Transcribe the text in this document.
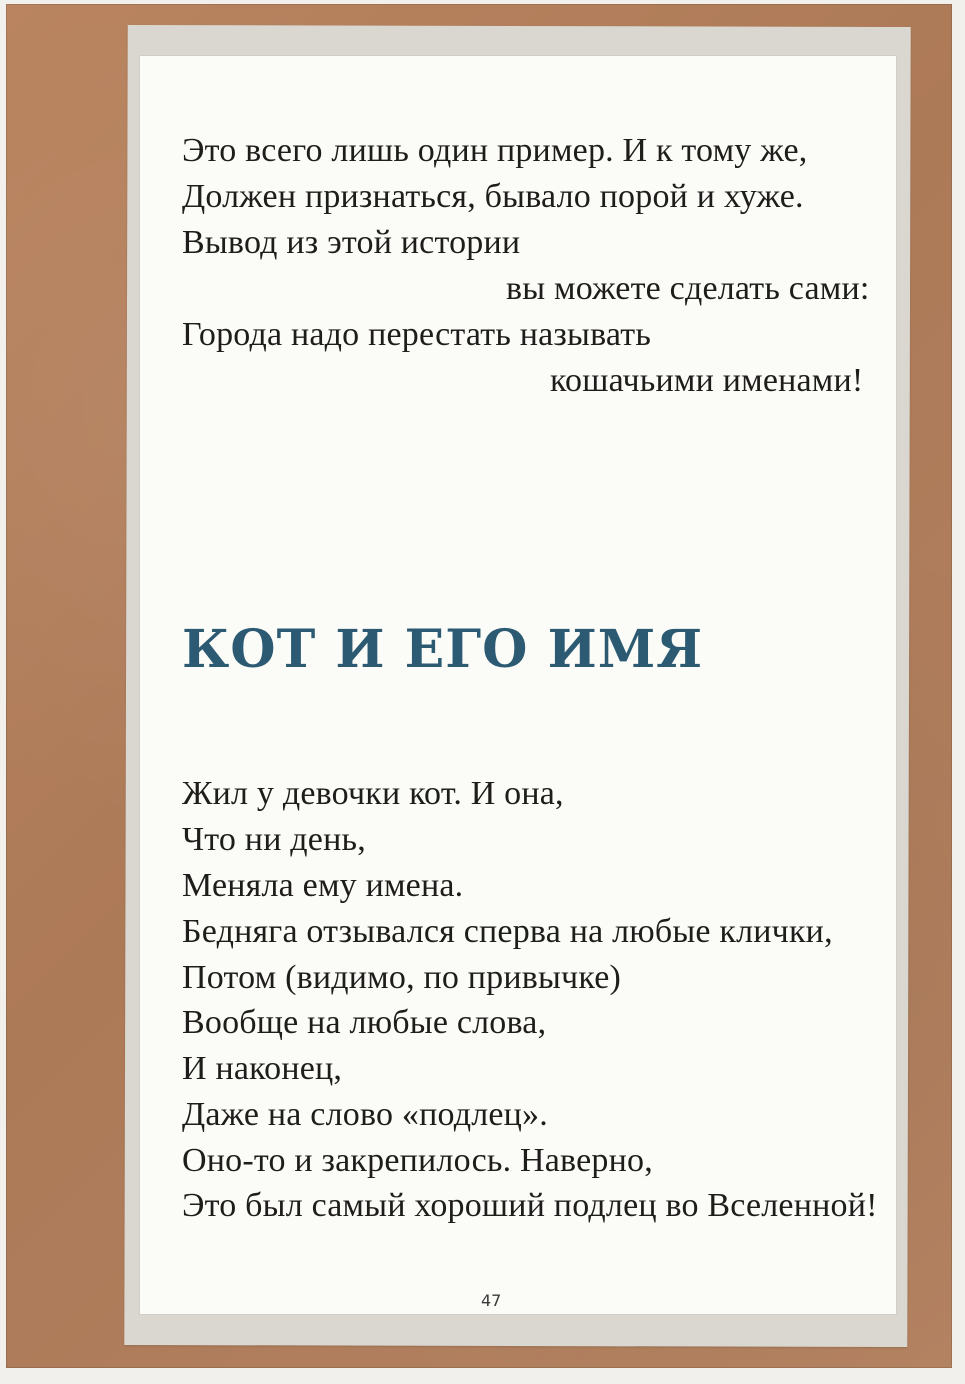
Это всего лишь один пример. И к тому же,
Должен признаться, бывало порой и хуже.
Вывод из этой истории
вы можете сделать сами:
Города надо перестать называть
кошачьими именами!
КОТ И ЕГО ИМЯ
Жил у девочки кот. И она,
Что ни день,
Меняла ему имена.
Бедняга отзывался сперва на любые клички,
Потом (видимо, по привычке)
Вообще на любые слова,
И наконец,
Даже на слово «подлец».
Оно-то и закрепилось. Наверно,
Это был самый хороший подлец во Вселенной!
47
